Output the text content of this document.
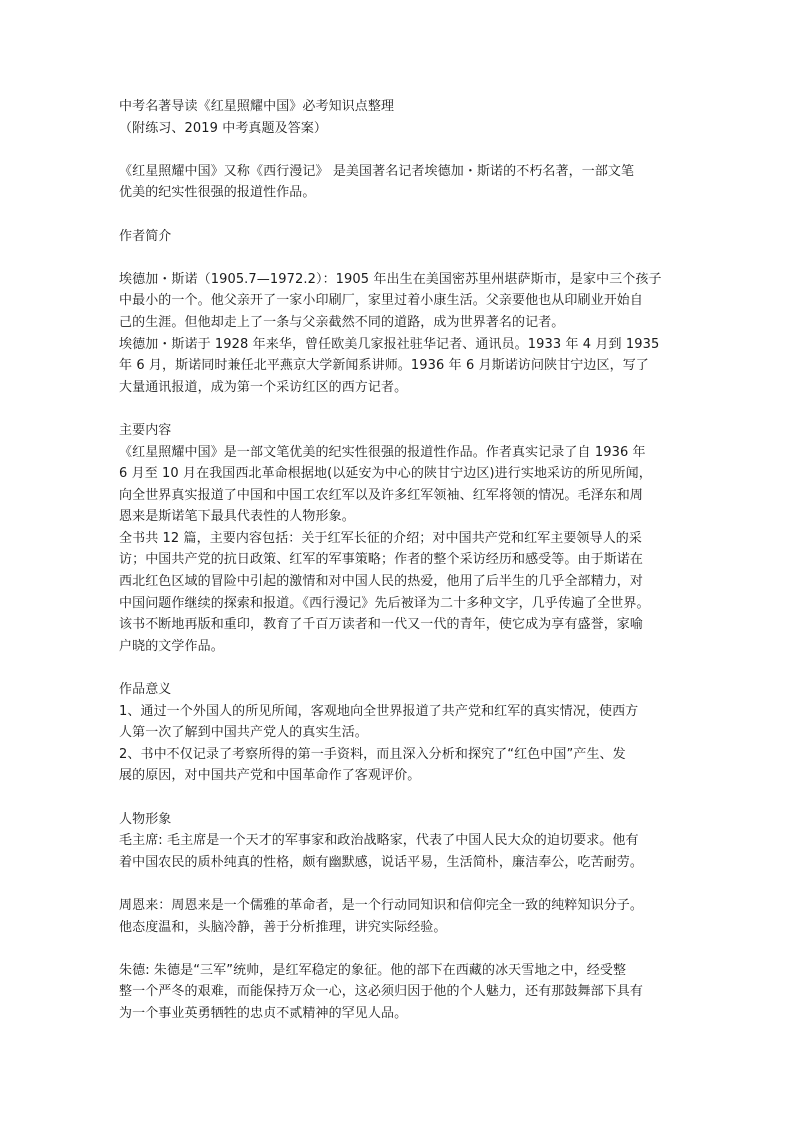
中考名著导读《红星照耀中国》必考知识点整理
（附练习、2019 中考真题及答案）
《红星照耀中国》又称《西行漫记》 是美国著名记者埃德加・斯诺的不朽名著，一部文笔
优美的纪实性很强的报道性作品。
作者简介
埃德加・斯诺（1905.7—1972.2）：1905 年出生在美国密苏里州堪萨斯市，是家中三个孩子
中最小的一个。他父亲开了一家小印刷厂，家里过着小康生活。父亲要他也从印刷业开始自
己的生涯。但他却走上了一条与父亲截然不同的道路，成为世界著名的记者。
埃德加・斯诺于 1928 年来华，曾任欧美几家报社驻华记者、通讯员。1933 年 4 月到 1935
年 6 月，斯诺同时兼任北平燕京大学新闻系讲师。1936 年 6 月斯诺访问陕甘宁边区，写了
大量通讯报道，成为第一个采访红区的西方记者。
主要内容
《红星照耀中国》是一部文笔优美的纪实性很强的报道性作品。作者真实记录了自 1936 年
6 月至 10 月在我国西北革命根据地(以延安为中心的陕甘宁边区)进行实地采访的所见所闻，
向全世界真实报道了中国和中国工农红军以及许多红军领袖、红军将领的情况。毛泽东和周
恩来是斯诺笔下最具代表性的人物形象。
全书共 12 篇，主要内容包括：关于红军长征的介绍；对中国共产党和红军主要领导人的采
访；中国共产党的抗日政策、红军的军事策略；作者的整个采访经历和感受等。由于斯诺在
西北红色区域的冒险中引起的激情和对中国人民的热爱，他用了后半生的几乎全部精力，对
中国问题作继续的探索和报道。《西行漫记》先后被译为二十多种文字，几乎传遍了全世界。
该书不断地再版和重印，教育了千百万读者和一代又一代的青年，使它成为享有盛誉，家喻
户晓的文学作品。
作品意义
1、通过一个外国人的所见所闻，客观地向全世界报道了共产党和红军的真实情况，使西方
人第一次了解到中国共产党人的真实生活。
2、书中不仅记录了考察所得的第一手资料，而且深入分析和探究了“红色中国”产生、发
展的原因，对中国共产党和中国革命作了客观评价。
人物形象
毛主席: 毛主席是一个天才的军事家和政治战略家，代表了中国人民大众的迫切要求。他有
着中国农民的质朴纯真的性格，颇有幽默感，说话平易，生活简朴，廉洁奉公，吃苦耐劳。
周恩来：周恩来是一个儒雅的革命者，是一个行动同知识和信仰完全一致的纯粹知识分子。
他态度温和，头脑冷静，善于分析推理，讲究实际经验。
朱德: 朱德是“三军”统帅，是红军稳定的象征。他的部下在西藏的冰天雪地之中，经受整
整一个严冬的艰难，而能保持万众一心，这必须归因于他的个人魅力，还有那鼓舞部下具有
为一个事业英勇牺牲的忠贞不贰精神的罕见人品。
